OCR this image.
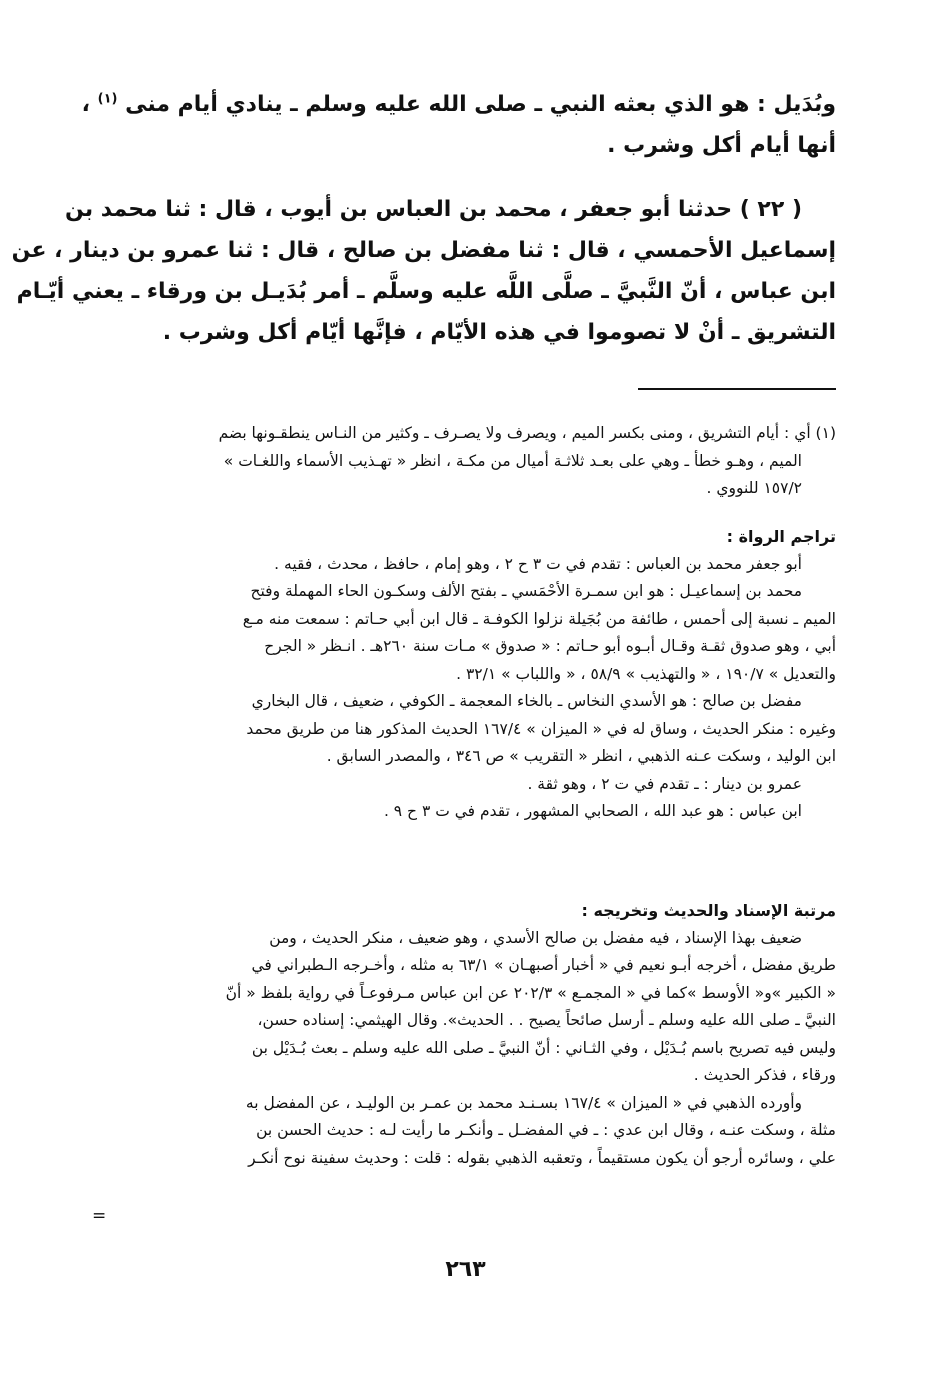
وبُدَيل : هو الذي بعثه النبي ـ صلى الله عليه وسلم ـ ينادي أيام منى $^{(١)}$ ،
أنها أيام أكل وشرب .
( ٢٢ ) حدثنا أبو جعفر ، محمد بن العباس بن أيوب ، قال : ثنا محمد بن
إسماعيل الأحمسي ، قال : ثنا مفضل بن صالح ، قال : ثنا عمرو بن دينار ، عن
ابن عباس ، أنّ النَّبيَّ ـ صلَّى اللَّه عليه وسلَّم ـ أمر بُدَيـل بن ورقاء ـ يعني أيّـام
التشريق ـ أنْ لا تصوموا في هذه الأيّام ، فإنَّها أيّام أكل وشرب .
(١) أي : أيام التشريق ، ومنى بكسر الميم ، ويصرف ولا يصـرف ـ وكثير من النـاس ينطقـونها بضم
الميم ، وهـو خطأ ـ وهي على بعـد ثلاثـة أميال من مكـة ، انظر « تهـذيب الأسماء واللغـات »
١٥٧/٢ للنووي .
تراجم الرواة :
أبو جعفر محمد بن العباس : تقدم في ت ٣ ح ٢ ، وهو إمام ، حافظ ، محدث ، فقيه .
محمد بن إسماعيـل : هو ابن سمـرة الأحْمَسي ـ بفتح الألف وسكـون الحاء المهملة وفتح
الميم ـ نسبة إلى أحمس ، طائفة من بُجَيلة نزلوا الكوفـة ـ قال ابن أبي حـاتم : سمعت منه مـع
أبي ، وهو صدوق ثقـة وقـال أبـوه أبو حـاتم : « صدوق » مـات سنة ٢٦٠هـ . انـظر « الجرح
والتعديل » ١٩٠/٧ ، « والتهذيب » ٥٨/٩ ، « واللباب » ٣٢/١ .
مفضل بن صالح : هو الأسدي النخاس ـ بالخاء المعجمة ـ الكوفي ، ضعيف ، قال البخاري
وغيره : منكر الحديث ، وساق له في « الميزان » ١٦٧/٤ الحديث المذكور هنا من طريق محمد
ابن الوليد ، وسكت عـنه الذهبي ، انظر « التقريب » ص ٣٤٦ ، والمصدر السابق .
عمرو بن دينار : ـ تقدم في ت ٢ ، وهو ثقة .
ابن عباس : هو عبد الله ، الصحابي المشهور ، تقدم في ت ٣ ح ٩ .
مرتبة الإسناد والحديث وتخريجه :
ضعيف بهذا الإسناد ، فيه مفضل بن صالح الأسدي ، وهو ضعيف ، منكر الحديث ، ومن
طريق مفضل ، أخرجه أبـو نعيم في « أخبار أصبهـان » ٦٣/١ به مثله ، وأخـرجه الـطبراني في
« الكبير »و« الأوسط »كما في « المجمـع » ٢٠٢/٣ عن ابن عباس مـرفوعـاً في رواية بلفظ « أنّ
النبيَّ ـ صلى الله عليه وسلم ـ أرسل صائحاً يصيح . . الحديث». وقال الهيثمي: إسناده حسن،
وليس فيه تصريح باسم بُـدَيْل ، وفي الثـاني : أنّ النبيَّ ـ صلى الله عليه وسلم ـ بعث بُـدَيْل بن
ورقاء ، فذكر الحديث .
وأورده الذهبي في « الميزان » ١٦٧/٤ بسـنـد محمد بن عمـر بن الوليـد ، عن المفضل به
مثلة ، وسكت عنـه ، وقال ابن عدي : ـ في المفضـل ـ وأنكـر ما رأيت لـه : حديث الحسن بن
علي ، وسائره أرجو أن يكون مستقيماً ، وتعقبه الذهبي بقوله : قلت : وحديث سفينة نوح أنكـر
=
٢٦٣
